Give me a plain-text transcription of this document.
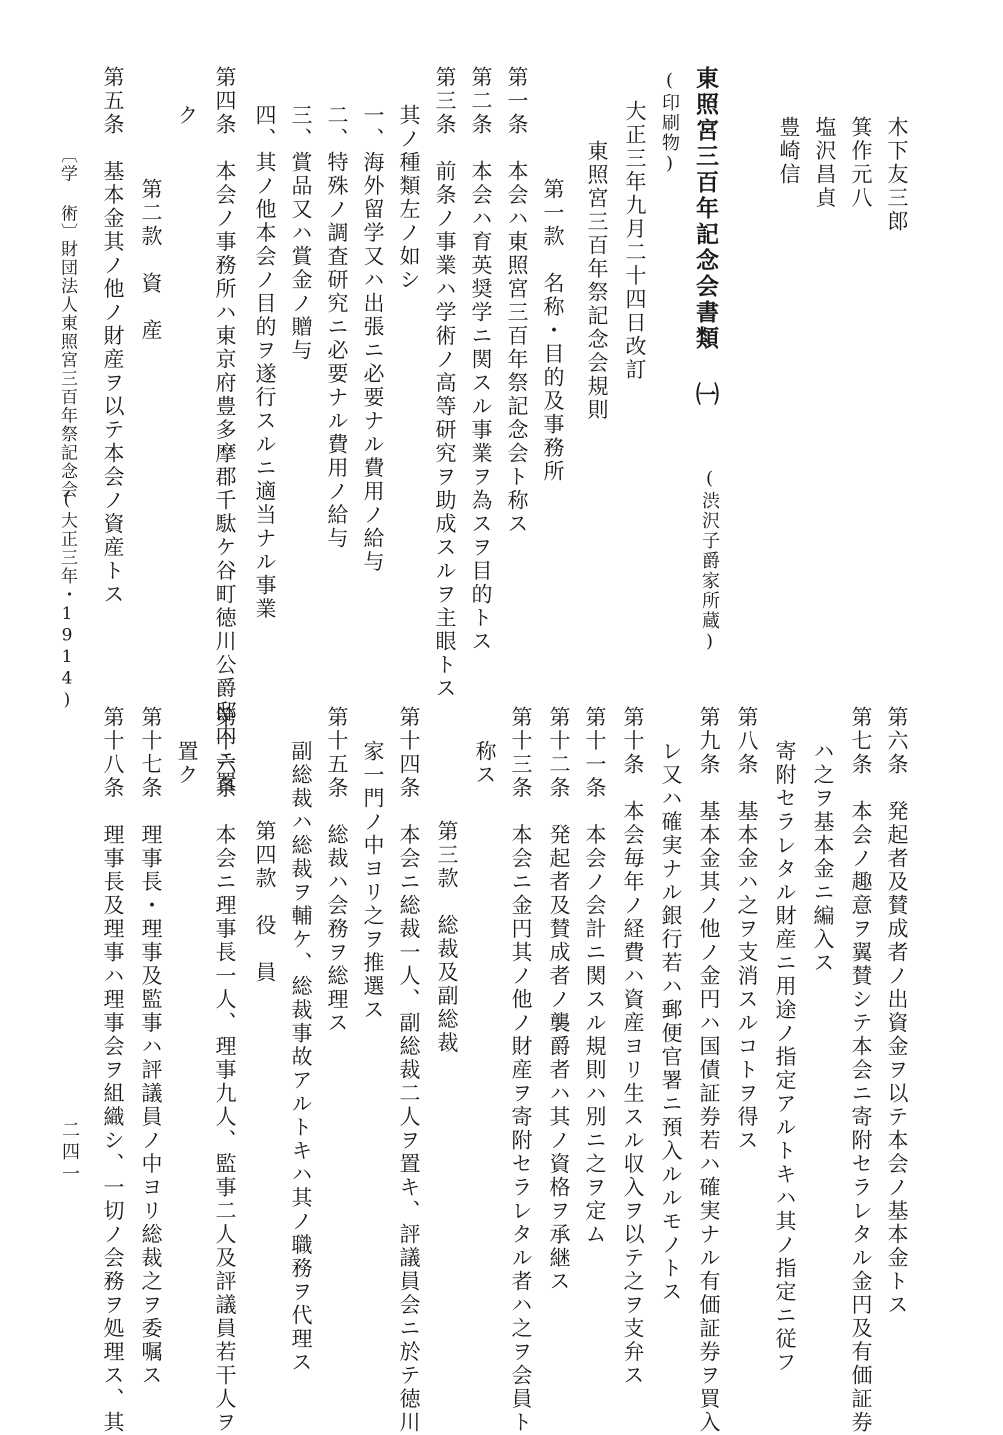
木下友三郎

箕作元八

塩沢昌貞

豊崎信

東照宮三百年記念会書類 ㈠

(渋沢子爵家所蔵)

(印刷物)

大正三年九月二十四日改訂

東照宮三百年祭記念会規則

第一款　名称・目的及事務所

第一条　本会ハ東照宮三百年祭記念会ト称ス

第二条　本会ハ育英奨学ニ関スル事業ヲ為スヲ目的トス

第三条　前条ノ事業ハ学術ノ高等研究ヲ助成スルヲ主眼トス

其ノ種類左ノ如シ

一、海外留学又ハ出張ニ必要ナル費用ノ給与

二、特殊ノ調査研究ニ必要ナル費用ノ給与

三、賞品又ハ賞金ノ贈与

四、其ノ他本会ノ目的ヲ遂行スルニ適当ナル事業

第四条　本会ノ事務所ハ東京府豊多摩郡千駄ケ谷町徳川公爵邸内ニ置

ク

第二款　資　産

第五条　基本金其ノ他ノ財産ヲ以テ本会ノ資産トス

〔学 術〕

財団法人東照宮三百年祭記念会

(大正三年・1914)

第六条　発起者及賛成者ノ出資金ヲ以テ本会ノ基本金トス

第七条　本会ノ趣意ヲ翼賛シテ本会ニ寄附セラレタル金円及有価証券

ハ之ヲ基本金ニ編入ス

寄附セラレタル財産ニ用途ノ指定アルトキハ其ノ指定ニ従フ

第八条　基本金ハ之ヲ支消スルコトヲ得ス

第九条　基本金其ノ他ノ金円ハ国債証券若ハ確実ナル有価証券ヲ買入

レ又ハ確実ナル銀行若ハ郵便官署ニ預入ルルモノトス

第十条　本会毎年ノ経費ハ資産ヨリ生スル収入ヲ以テ之ヲ支弁ス

第十一条　本会ノ会計ニ関スル規則ハ別ニ之ヲ定ム

第十二条　発起者及賛成者ノ襲爵者ハ其ノ資格ヲ承継ス

第十三条　本会ニ金円其ノ他ノ財産ヲ寄附セラレタル者ハ之ヲ会員ト

称ス

第三款　総裁及副総裁

第十四条　本会ニ総裁一人、副総裁二人ヲ置キ、評議員会ニ於テ徳川

家一門ノ中ヨリ之ヲ推選ス

第十五条　総裁ハ会務ヲ総理ス

副総裁ハ総裁ヲ輔ケ、総裁事故アルトキハ其ノ職務ヲ代理ス

第四款　役　員

第十六条　本会ニ理事長一人、理事九人、監事二人及評議員若干人ヲ

置ク

第十七条　理事長・理事及監事ハ評議員ノ中ヨリ総裁之ヲ委嘱ス

第十八条　理事長及理事ハ理事会ヲ組織シ、一切ノ会務ヲ処理ス、其

二四一
